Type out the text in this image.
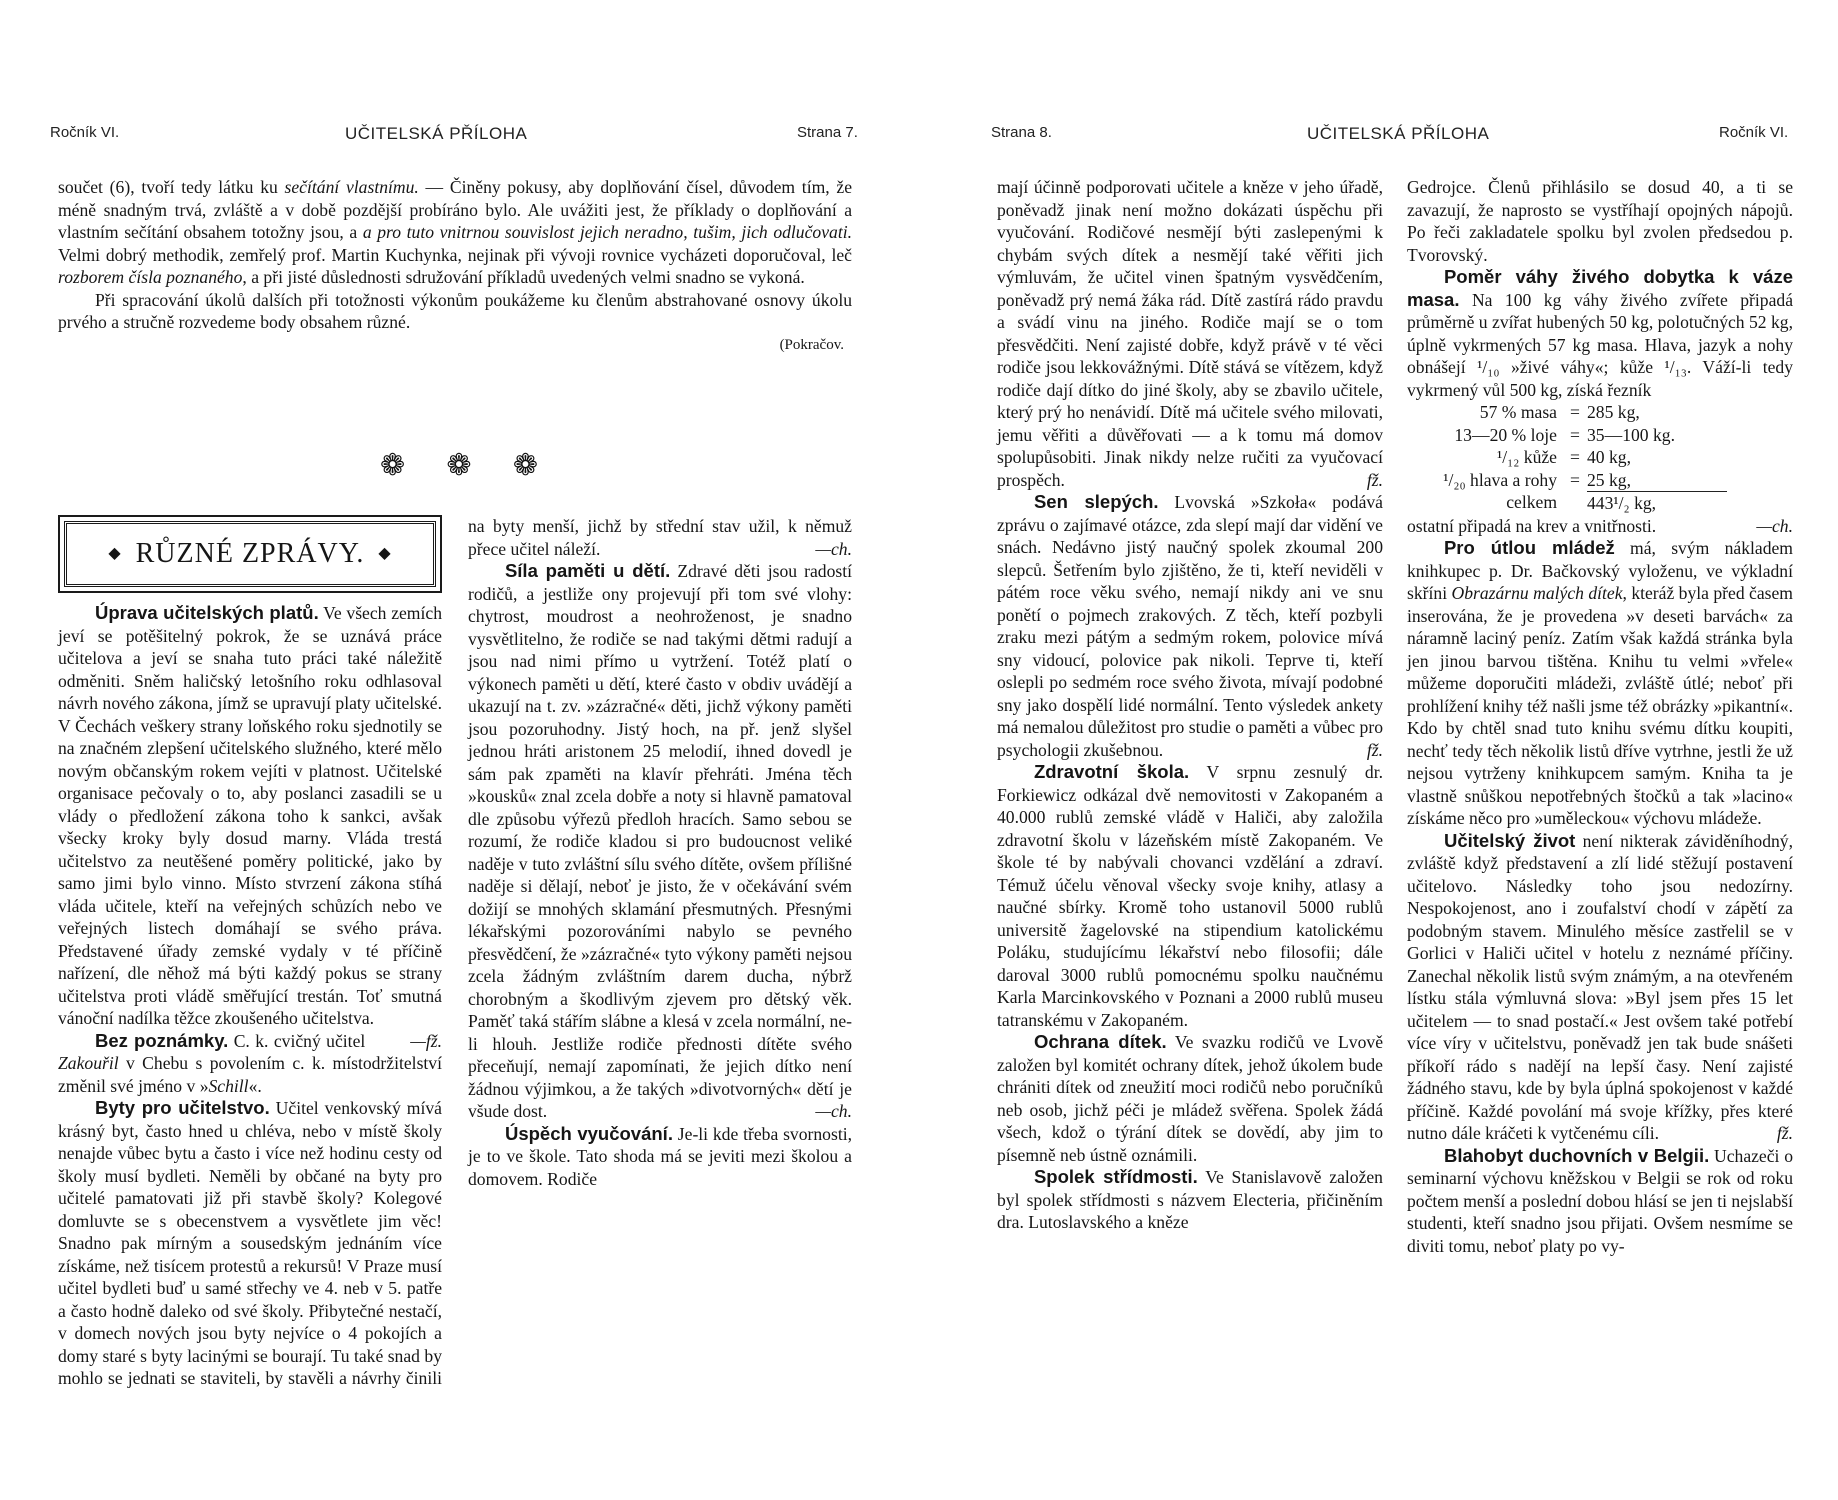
Ročník VI.	UČITELSKÁ PŘÍLOHA	Strana 7.

součet (6), tvoří tedy látku ku sečítání vlastnímu. — Činěny pokusy, aby doplňování čísel, důvodem tím, že méně snadným trvá, zvláště a v době pozdější probíráno bylo. Ale uvážiti jest, že příklady o doplňování a vlastním sečítání obsahem totožny jsou, a a pro tuto vnitrnou souvislost jejich neradno, tušim, jich odlučovati. Velmi dobrý methodik, zemřelý prof. Martin Kuchynka, nejinak při vývoji rovnice vycházeti doporučoval, leč rozborem čísla poznaného, a při jisté důslednosti sdružování příkladů uvedených velmi snadno se vykoná.

Při spracování úkolů dalších při totožnosti výkonům poukážeme ku členům abstrahované osnovy úkolu prvého a stručně rozvedeme body obsahem různé.

(Pokračov.
❁ ❁ ❁
◆ RŮZNÉ ZPRÁVY. ◆

Úprava učitelských platů. Ve všech zemích jeví se potěšitelný pokrok, že se uznává práce učitelova a jeví se snaha tuto práci také náležitě odměniti. Sněm haličský letošního roku odhlasoval návrh nového zákona, jímž se upravují platy učitelské. V Čechách veškery strany loňského roku sjednotily se na značném zlepšení učitelského služného, které mělo novým občanským rokem vejíti v platnost. Učitelské organisace pečovaly o to, aby poslanci zasadili se u vlády o předložení zákona toho k sankci, avšak všecky kroky byly dosud marny. Vláda trestá učitelstvo za neutěšené poměry politické, jako by samo jimi bylo vinno. Místo stvrzení zákona stíhá vláda učitele, kteří na veřejných schůzích nebo ve veřejných listech domáhají se svého práva. Představené úřady zemské vydaly v té příčině nařízení, dle něhož má býti každý pokus se strany učitelstva proti vládě směřující trestán. Toť smutná vánoční nadílka těžce zkoušeného učitelstva.
—fž.

Bez poznámky. C. k. cvičný učitel Zakouřil v Chebu s povolením c. k. místodržitelství změnil své jméno v »Schill«.

Byty pro učitelstvo. Učitel venkovský mívá krásný byt, často hned u chléva, nebo v místě školy nenajde vůbec bytu a často i více než hodinu cesty od školy musí bydleti. Neměli by občané na byty pro učitelé pamatovati již při stavbě školy? Kolegové domluvte se s obecenstvem a vysvětlete jim věc! Snadno pak mírným a sousedským jednáním více získáme, než tisícem protestů a rekursů! V Praze musí učitel bydleti buď u samé střechy ve 4. neb v 5. patře a často hodně daleko od své školy. Přibytečné nestačí, v domech nových jsou byty nejvíce o 4 pokojích a domy staré s byty lacinými se bourají. Tu také snad by mohlo se jednati se staviteli, by stavěli a návrhy činili na byty menší, jichž by střední stav užil, k němuž přece učitel náleží.	—ch.

Síla paměti u dětí. Zdravé děti jsou radostí rodičů, a jestliže ony projevují při tom své vlohy: chytrost, moudrost a neohroženost, je snadno vysvětlitelno, že rodiče se nad takými dětmi radují a jsou nad nimi přímo u vytržení. Totéž platí o výkonech paměti u dětí, které často v obdiv uvádějí a ukazují na t. zv. »zázračné« děti, jichž výkony paměti jsou pozoruhodny. Jistý hoch, na př. jenž slyšel jednou hráti aristonem 25 melodií, ihned dovedl je sám pak zpaměti na klavír přehráti. Jména těch »kousků« znal zcela dobře a noty si hlavně pamatoval dle způsobu výřezů předloh hracích. Samo sebou se rozumí, že rodiče kladou si pro budoucnost veliké naděje v tuto zvláštní sílu svého dítěte, ovšem přílišné naděje si dělají, neboť je jisto, že v očekávání svém dožijí se mnohých sklamání přesmutných. Přesnými lékařskými pozorováními nabylo se pevného přesvědčení, že »zázračné« tyto výkony paměti nejsou zcela žádným zvláštním darem ducha, nýbrž chorobným a škodlivým zjevem pro dětský věk. Paměť taká stářím slábne a klesá v zcela normální, ne-li hlouh. Jestliže rodiče přednosti dítěte svého přeceňují, nemají zapomínati, že jejich dítko není žádnou výjimkou, a že takých »divotvorných« dětí je všude dost.	—ch.

Úspěch vyučování. Je-li kde třeba svornosti, je to ve škole. Tato shoda má se jeviti mezi školou a domovem. Rodiče

Strana 8.	UČITELSKÁ PŘÍLOHA	Ročník VI.

mají účinně podporovati učitele a kněze v jeho úřadě, poněvadž jinak není možno dokázati úspěchu při vyučování. Rodičové nesmějí býti zaslepenými k chybám svých dítek a nesmějí také věřiti jich výmluvám, že učitel vinen špatným vysvědčením, poněvadž prý nemá žáka rád. Dítě zastírá rádo pravdu a svádí vinu na jiného. Rodiče mají se o tom přesvědčiti. Není zajisté dobře, když právě v té věci rodiče jsou lekkovážnými. Dítě stává se vítězem, když rodiče dají dítko do jiné školy, aby se zbavilo učitele, který prý ho nenávidí. Dítě má učitele svého milovati, jemu věřiti a důvěřovati — a k tomu má domov spolupůsobiti. Jinak nikdy nelze ručiti za vyučovací prospěch.	fž.

Sen slepých. Lvovská »Szkoła« podává zprávu o zajímavé otázce, zda slepí mají dar vidění ve snách. Nedávno jistý naučný spolek zkoumal 200 slepců. Šetřením bylo zjištěno, že ti, kteří neviděli v pátém roce věku svého, nemají nikdy ani ve snu ponětí o pojmech zrakových. Z těch, kteří pozbyli zraku mezi pátým a sedmým rokem, polovice mívá sny vidoucí, polovice pak nikoli. Teprve ti, kteří oslepli po sedmém roce svého života, mívají podobné sny jako dospělí lidé normální. Tento výsledek ankety má nemalou důležitost pro studie o paměti a vůbec pro psychologii zkušebnou.	fž.

Zdravotní škola. V srpnu zesnulý dr. Forkiewicz odkázal dvě nemovitosti v Zakopaném a 40.000 rublů zemské vládě v Haliči, aby založila zdravotní školu v lázeňském místě Zakopaném. Ve škole té by nabývali chovanci vzdělání a zdraví. Témuž účelu věnoval všecky svoje knihy, atlasy a naučné sbírky. Kromě toho ustanovil 5000 rublů universitě žagelovské na stipendium katolickému Poláku, studujícímu lékařství nebo filosofii; dále daroval 3000 rublů pomocnému spolku naučnému Karla Marcinkovského v Poznani a 2000 rublů museu tatranskému v Zakopaném.

Ochrana dítek. Ve svazku rodičů ve Lvově založen byl komitét ochrany dítek, jehož úkolem bude chrániti dítek od zneužití moci rodičů nebo poručníků neb osob, jichž péči je mládež svěřena. Spolek žádá všech, kdož o týrání dítek se dovědí, aby jim to písemně neb ústně oznámili.

Spolek střídmosti. Ve Stanislavově založen byl spolek střídmosti s názvem Electeria, přičiněním dra. Lutoslavského a kněze

Gedrojce. Členů přihlásilo se dosud 40, a ti se zavazují, že naprosto se vystříhají opojných nápojů. Po řeči zakladatele spolku byl zvolen předsedou p. Tvorovský.

Poměr váhy živého dobytka k váze masa. Na 100 kg váhy živého zvířete připadá průměrně u zvířat hubených 50 kg, polotučných 52 kg, úplně vykrmených 57 kg masa. Hlava, jazyk a nohy obnášejí ¹/₁₀ »živé váhy«; kůže ¹/₁₃. Váží-li tedy vykrmený vůl 500 kg, získá řezník

57 % masa = 285 kg,
13—20 % loje = 35—100 kg.
¹/₁₂ kůže = 40 kg,
¹/₂₀ hlava a rohy = 25 kg,
celkem	443¹/₂ kg,

ostatní připadá na krev a vnitřnosti.	—ch.

Pro útlou mládež má, svým nákladem knihkupec p. Dr. Bačkovský vyloženu, ve výkladní skříni Obrazárnu malých dítek, kteráž byla před časem inserována, že je provedena »v deseti barvách« za náramně laciný peníz. Zatím však každá stránka byla jen jinou barvou tištěna. Knihu tu velmi »vřele« můžeme doporučiti mládeži, zvláště útlé; neboť při prohlížení knihy též našli jsme též obrázky »pikantní«. Kdo by chtěl snad tuto knihu svému dítku koupiti, nechť tedy těch několik listů dříve vytrhne, jestli že už nejsou vytrženy knihkupcem samým. Kniha ta je vlastně snůškou nepotřebných štočků a tak »lacino« získáme něco pro »uměleckou« výchovu mládeže.

Učitelský život není nikterak záviděníhodný, zvláště když představení a zlí lidé stěžují postavení učitelovo. Následky toho jsou nedozírny. Nespokojenost, ano i zoufalství chodí v zápětí za podobným stavem. Minulého měsíce zastřelil se v Gorlici v Haliči učitel v hotelu z neznámé příčiny. Zanechal několik listů svým známým, a na otevřeném lístku stála výmluvná slova: »Byl jsem přes 15 let učitelem — to snad postačí.« Jest ovšem také potřebí více víry v učitelstvu, poněvadž jen tak bude snášeti příkoří rádo s nadějí na lepší časy. Není zajisté žádného stavu, kde by byla úplná spokojenost v každé příčině. Každé povolání má svoje křížky, přes které nutno dále kráčeti k vytčenému cíli.	fž.

Blahobyt duchovních v Belgii. Uchazeči o seminarní výchovu kněžskou v Belgii se rok od roku počtem menší a poslední dobou hlásí se jen ti nejslabší studenti, kteří snadno jsou přijati. Ovšem nesmíme se diviti tomu, neboť platy po vy-
